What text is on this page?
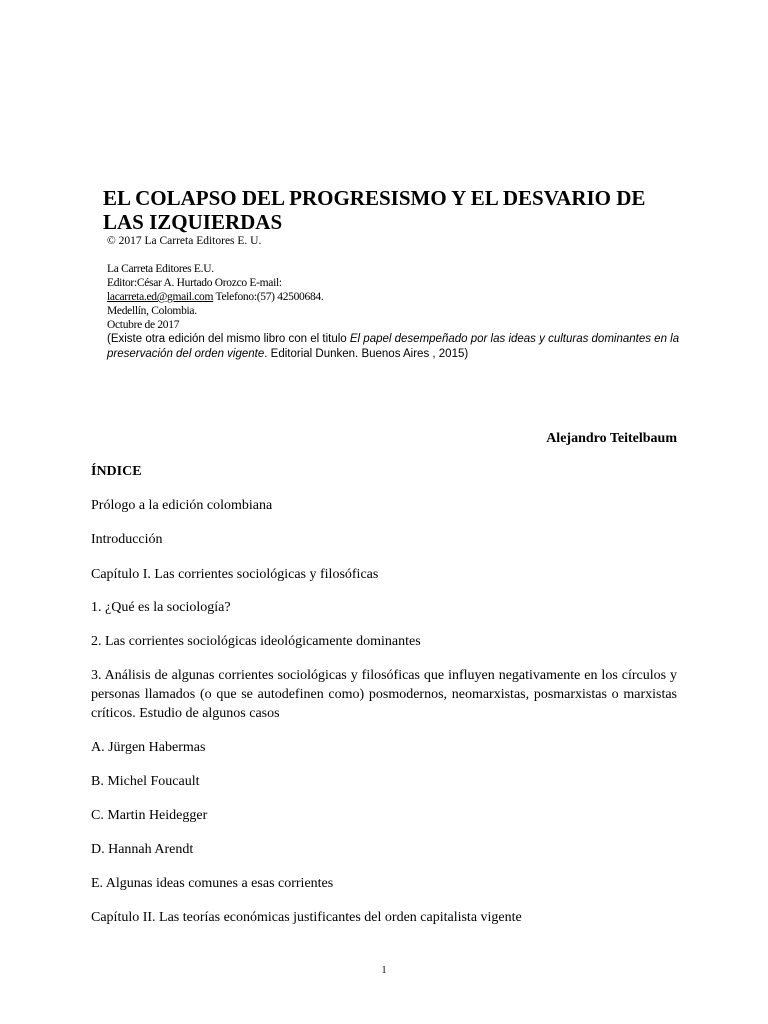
EL COLAPSO DEL PROGRESISMO Y EL DESVARIO DE LAS IZQUIERDAS
© 2017 La Carreta Editores E. U.
La Carreta Editores E.U.
Editor:César A. Hurtado Orozco E-mail:
lacarreta.ed@gmail.com Telefono:(57) 42500684.
Medellín, Colombia.
Octubre de 2017
(Existe otra edición del mismo libro con el titulo El papel desempeñado por las ideas y culturas dominantes en la preservación del orden vigente. Editorial Dunken. Buenos Aires , 2015)
Alejandro Teitelbaum
ÍNDICE
Prólogo a la edición colombiana
Introducción
Capítulo I. Las corrientes sociológicas y filosóficas
1. ¿Qué es la sociología?
2. Las corrientes sociológicas ideológicamente dominantes
3. Análisis de algunas corrientes sociológicas y filosóficas que influyen negativamente en los círculos y personas llamados (o que se autodefinen como) posmodernos, neomarxistas, posmarxistas o marxistas críticos. Estudio de algunos casos
A. Jürgen Habermas
B. Michel Foucault
C. Martin Heidegger
D. Hannah Arendt
E. Algunas ideas comunes a esas corrientes
Capítulo II. Las teorías económicas justificantes del orden capitalista vigente
1
